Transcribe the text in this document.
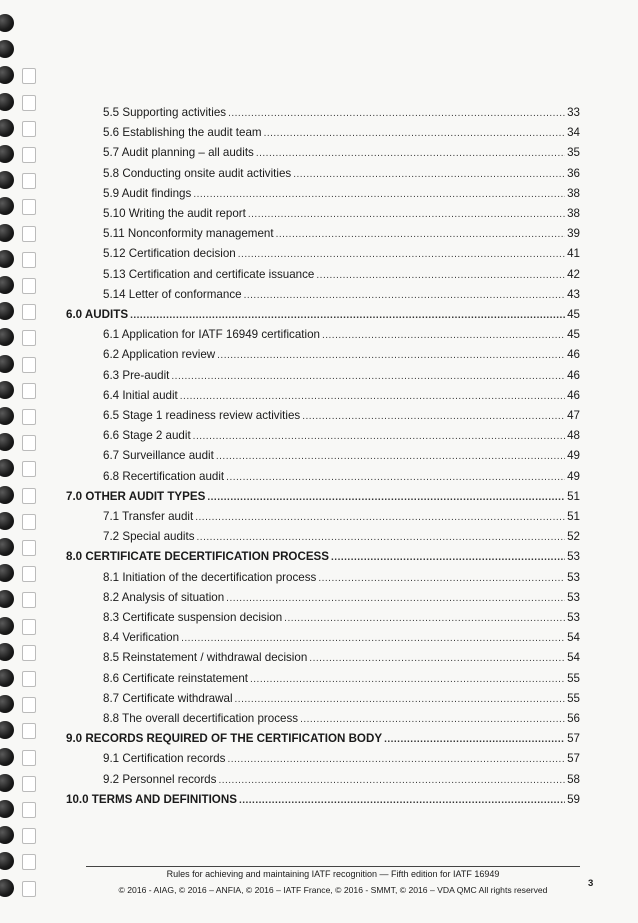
5.5 Supporting activities .....	33
5.6 Establishing the audit team .....	34
5.7 Audit planning – all audits .....	35
5.8 Conducting onsite audit activities .....	36
5.9 Audit findings .....	38
5.10 Writing the audit report .....	38
5.11 Nonconformity management .....	39
5.12 Certification decision .....	41
5.13 Certification and certificate issuance .....	42
5.14 Letter of conformance .....	43
6.0 AUDITS .....	45
6.1 Application for IATF 16949 certification .....	45
6.2 Application review .....	46
6.3 Pre-audit .....	46
6.4 Initial audit .....	46
6.5 Stage 1 readiness review activities .....	47
6.6 Stage 2 audit .....	48
6.7 Surveillance audit .....	49
6.8 Recertification audit .....	49
7.0 OTHER AUDIT TYPES .....	51
7.1 Transfer audit .....	51
7.2 Special audits .....	52
8.0 CERTIFICATE DECERTIFICATION PROCESS .....	53
8.1 Initiation of the decertification process .....	53
8.2 Analysis of situation .....	53
8.3 Certificate suspension decision .....	53
8.4 Verification .....	54
8.5 Reinstatement / withdrawal decision .....	54
8.6 Certificate reinstatement .....	55
8.7 Certificate withdrawal .....	55
8.8 The overall decertification process .....	56
9.0 RECORDS REQUIRED OF THE CERTIFICATION BODY .....	57
9.1 Certification records .....	57
9.2 Personnel records .....	58
10.0 TERMS AND DEFINITIONS .....	59
Rules for achieving and maintaining IATF recognition — Fifth edition for IATF 16949
© 2016 - AIAG, © 2016 – ANFIA, © 2016 – IATF France, © 2016 - SMMT, © 2016 – VDA QMC All rights reserved
3
